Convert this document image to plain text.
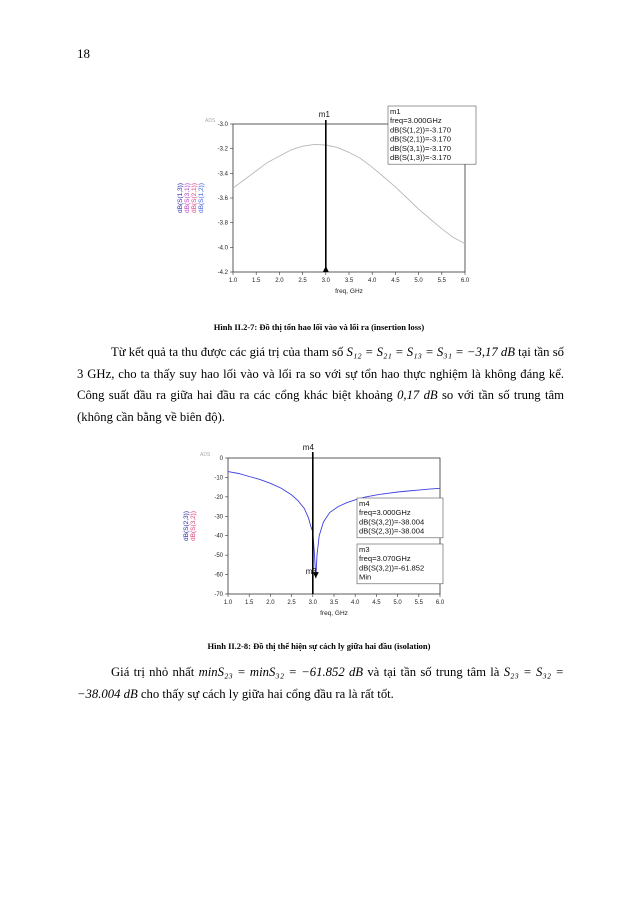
18
ADS
-3.0
-3.2
-3.4
-3.6
-3.8
-4.0
-4.2
1.0 1.5 2.0 2.5 3.0 3.5 4.0 4.5 5.0 5.5 6.0
freq, GHz
dB(S(1,3)) dB(S(3,1)) dB(S(2,1)) dB(S(1,2))
m1	m1
freq=3.000GHz
dB(S(1,2))=-3.170
dB(S(2,1))=-3.170
dB(S(3,1))=-3.170
dB(S(1,3))=-3.170
Hình II.2-7: Đồ thị tổn hao lối vào và lối ra (insertion loss)

Từ kết quả ta thu được các giá trị của tham số S₁₂ = S₂₁ = S₁₃ = S₃₁ = −3,17 dB tại tần số 3 GHz, cho ta thấy suy hao lối vào và lối ra so với sự tổn hao thực nghiệm là không đáng kể. Công suất đầu ra giữa hai đầu ra các cổng khác biệt khoảng 0,17 dB so với tần số trung tâm (không cần bằng về biên độ).

ADS
0
-10
-20
-30
-40
-50
-60
-70
1.0 1.5 2.0 2.5 3.0 3.5 4.0 4.5 5.0 5.5 6.0
freq, GHz
dB(S(2,3)) dB(S(3,2))
m4
m3
m4
freq=3.000GHz
dB(S(3,2))=-38.004
dB(S(2,3))=-38.004
m3
freq=3.070GHz
dB(S(3,2))=-61.852
Min
Hình II.2-8: Đồ thị thể hiện sự cách ly giữa hai đầu (isolation)

Giá trị nhỏ nhất minS₂₃ = minS₃₂ = −61.852 dB và tại tần số trung tâm là S₂₃ = S₃₂ = −38.004 dB cho thấy sự cách ly giữa hai cổng đầu ra là rất tốt.
